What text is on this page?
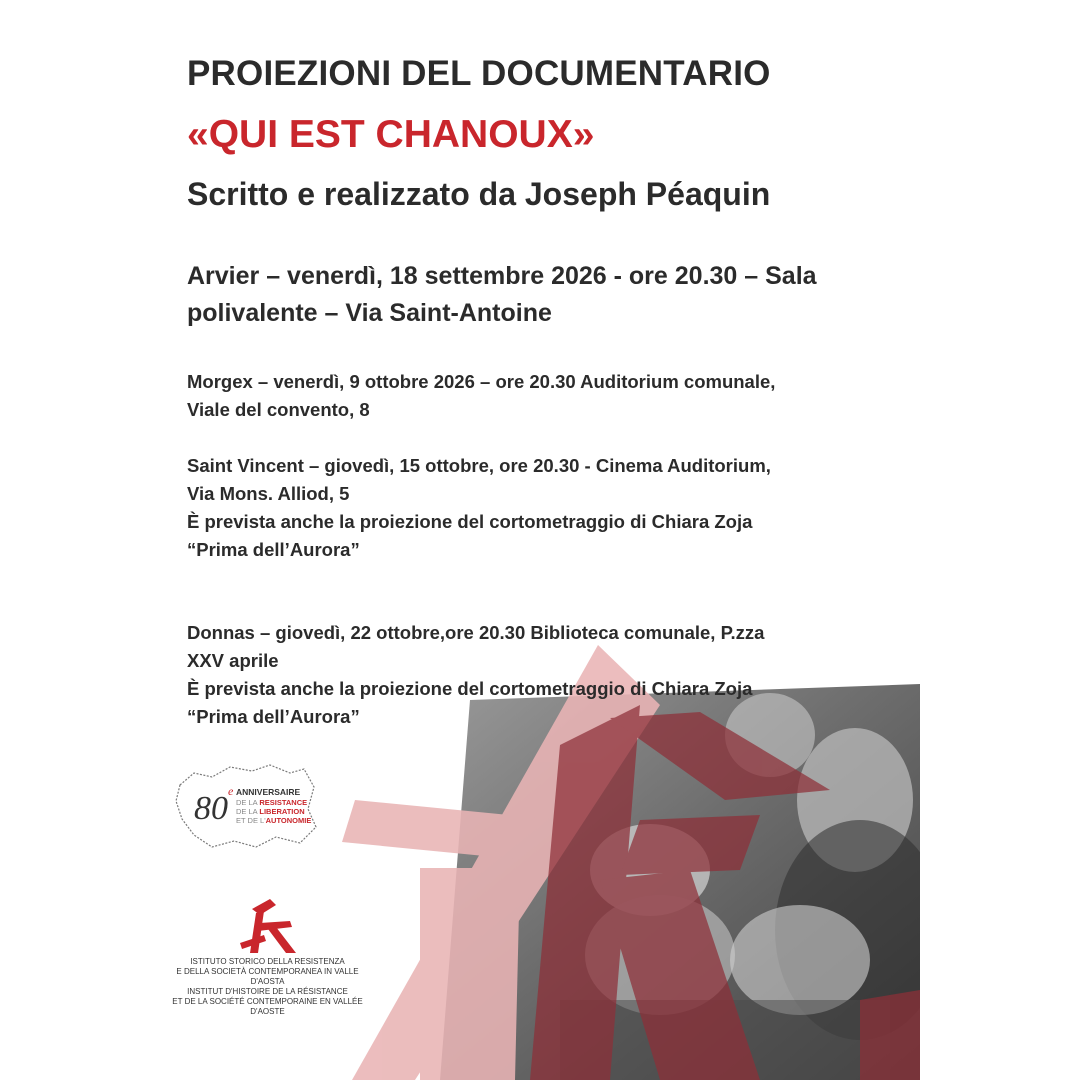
PROIEZIONI DEL DOCUMENTARIO
«QUI EST CHANOUX»
Scritto e realizzato da Joseph Péaquin
Arvier – venerdì, 18 settembre 2026 - ore 20.30 – Sala
polivalente – Via Saint-Antoine
Morgex – venerdì, 9 ottobre 2026 – ore 20.30 Auditorium comunale,
Viale del convento, 8
Saint Vincent – giovedì, 15 ottobre, ore 20.30 - Cinema Auditorium,
Via Mons. Alliod, 5
È prevista anche la proiezione del cortometraggio di Chiara Zoja
“Prima dell’Aurora”
Donnas – giovedì, 22 ottobre,ore 20.30 Biblioteca comunale, P.zza
XXV aprile
È prevista anche la proiezione del cortometraggio di Chiara Zoja
“Prima dell’Aurora”
80 e ANNIVERSAIRE
DE LA RESISTANCE
DE LA LIBERATION
ET DE L'AUTONOMIE
ISTITUTO STORICO DELLA RESISTENZA
E DELLA SOCIETÀ CONTEMPORANEA IN VALLE D'AOSTA
INSTITUT D'HISTOIRE DE LA RÉSISTANCE
ET DE LA SOCIÉTÉ CONTEMPORAINE EN VALLÉE D'AOSTE
